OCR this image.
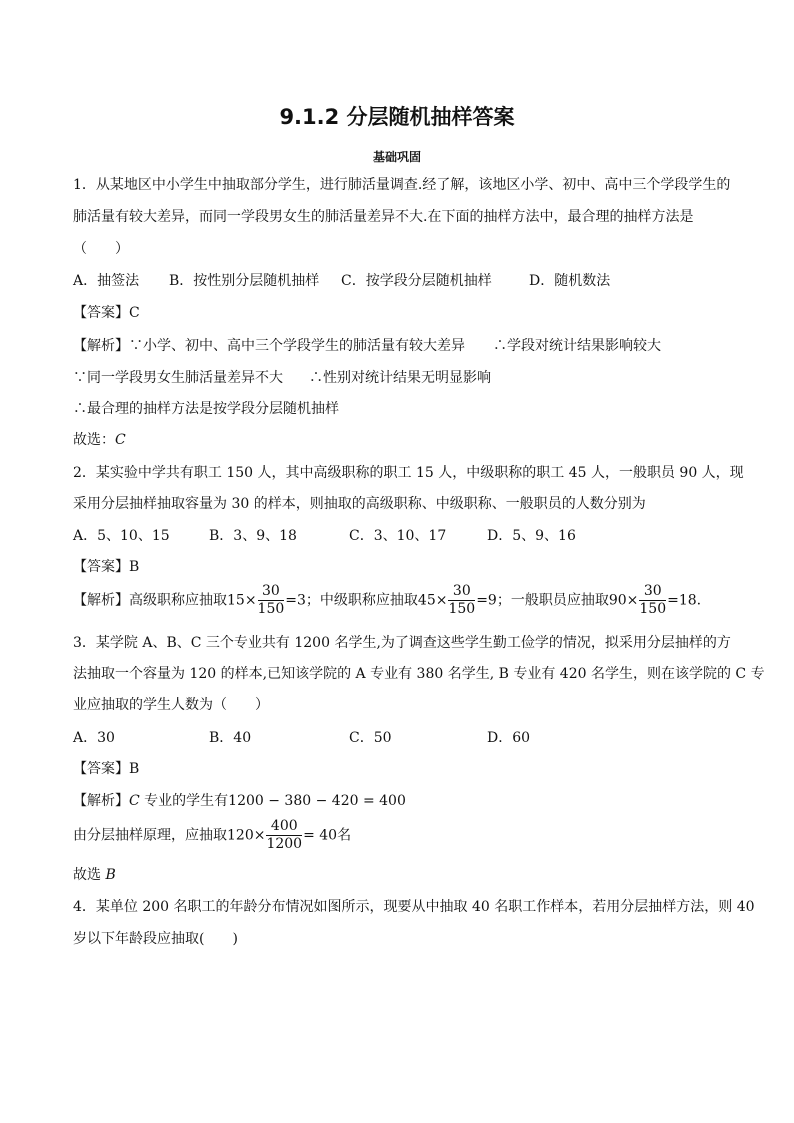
9.1.2 分层随机抽样答案
基础巩固
1．从某地区中小学生中抽取部分学生，进行肺活量调查.经了解，该地区小学、初中、高中三个学段学生的
肺活量有较大差异，而同一学段男女生的肺活量差异不大.在下面的抽样方法中，最合理的抽样方法是
（　　）
A．抽签法 B．按性别分层随机抽样 C．按学段分层随机抽样	D．随机数法
【答案】C
【解析】∵小学、初中、高中三个学段学生的肺活量有较大差异 ∴学段对统计结果影响较大
∵同一学段男女生肺活量差异不大 ∴性别对统计结果无明显影响
∴最合理的抽样方法是按学段分层随机抽样
故选：C
2．某实验中学共有职工 150 人，其中高级职称的职工 15 人，中级职称的职工 45 人，一般职员 90 人，现
采用分层抽样抽取容量为 30 的样本，则抽取的高级职称、中级职称、一般职员的人数分别为
A．5、10、15	B．3、9、18	C．3、10、17	D．5、9、16
【答案】B
【解析】高级职称应抽取$15\times \frac{30}{150} =3$；中级职称应抽取$45\times \frac{30}{150} =9$；一般职员应抽取$90\times \frac{30}{150} =18$.
3．某学院 A、B、C 三个专业共有 1200 名学生,为了调查这些学生勤工俭学的情况，拟采用分层抽样的方
法抽取一个容量为 120 的样本,已知该学院的 A 专业有 380 名学生, B 专业有 420 名学生，则在该学院的 C 专
业应抽取的学生人数为（　　）
A．30	B．40	C．50	D．60
【答案】B
【解析】C 专业的学生有1200 − 380 − 420 = 400
由分层抽样原理，应抽取$120\times \frac{400}{1200} = 40$名
故选 B
4．某单位 200 名职工的年龄分布情况如图所示，现要从中抽取 40 名职工作样本，若用分层抽样方法，则 40
岁以下年龄段应抽取(　　)
